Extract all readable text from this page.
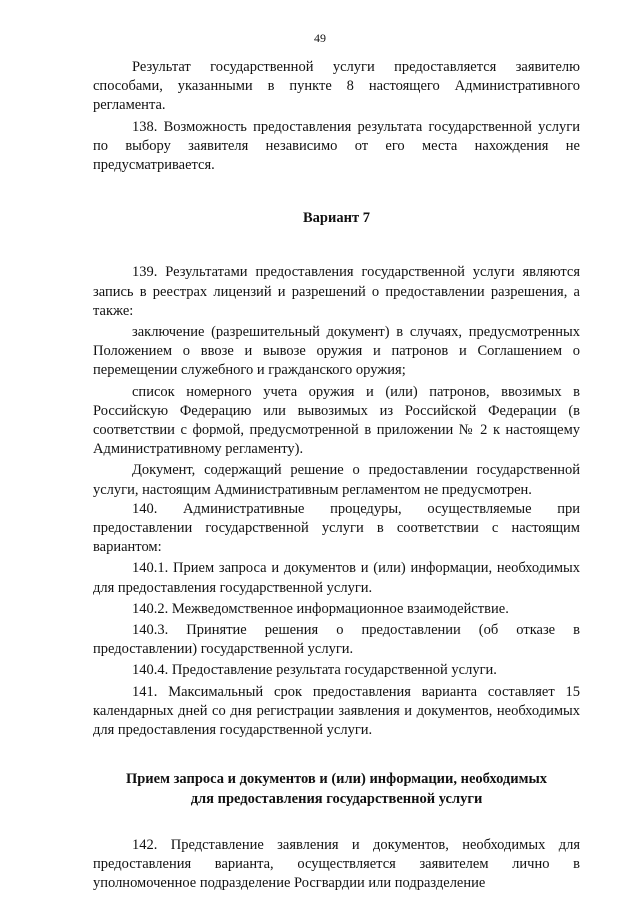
49

Результат государственной услуги предоставляется заявителю способами, указанными в пункте 8 настоящего Административного регламента.

138. Возможность предоставления результата государственной услуги по выбору заявителя независимо от его места нахождения не предусматривается.

Вариант 7

139. Результатами предоставления государственной услуги являются запись в реестрах лицензий и разрешений о предоставлении разрешения, а также:

заключение (разрешительный документ) в случаях, предусмотренных Положением о ввозе и вывозе оружия и патронов и Соглашением о перемещении служебного и гражданского оружия;

список номерного учета оружия и (или) патронов, ввозимых в Российскую Федерацию или вывозимых из Российской Федерации (в соответствии с формой, предусмотренной в приложении № 2 к настоящему Административному регламенту).

Документ, содержащий решение о предоставлении государственной услуги, настоящим Административным регламентом не предусмотрен.

140. Административные процедуры, осуществляемые при предоставлении государственной услуги в соответствии с настоящим вариантом:

140.1. Прием запроса и документов и (или) информации, необходимых для предоставления государственной услуги.

140.2. Межведомственное информационное взаимодействие.

140.3. Принятие решения о предоставлении (об отказе в предоставлении) государственной услуги.

140.4. Предоставление результата государственной услуги.

141. Максимальный срок предоставления варианта составляет 15 календарных дней со дня регистрации заявления и документов, необходимых для предоставления государственной услуги.

Прием запроса и документов и (или) информации, необходимых
для предоставления государственной услуги

142. Представление заявления и документов, необходимых для предоставления варианта, осуществляется заявителем лично в уполномоченное подразделение Росгвардии или подразделение
